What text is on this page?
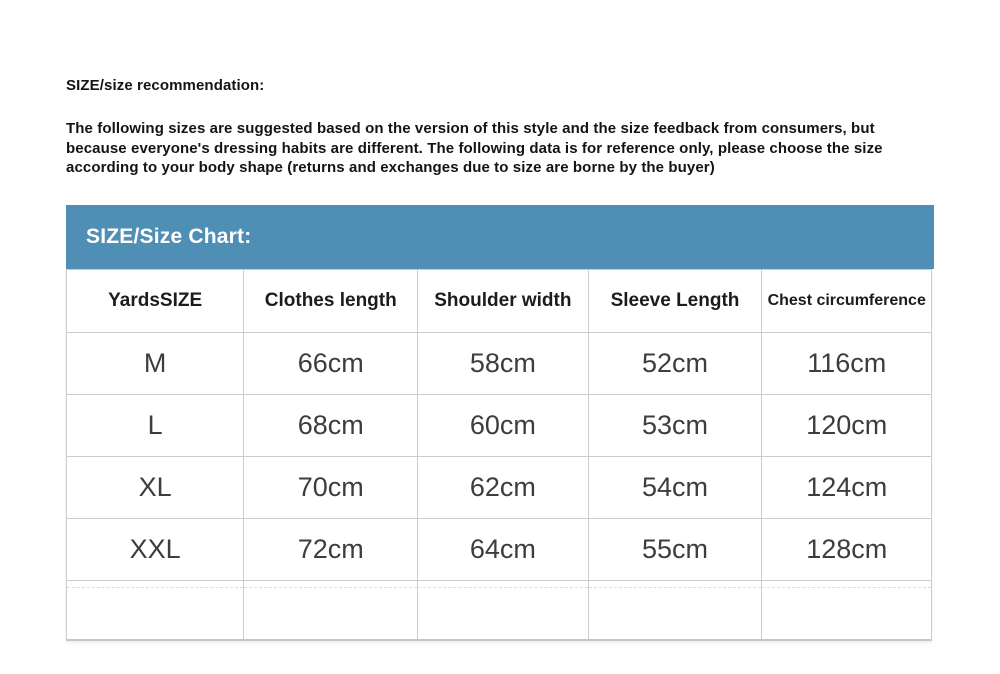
SIZE/size recommendation:
The following sizes are suggested based on the version of this style and the size feedback from consumers, but because everyone's dressing habits are different. The following data is for reference only, please choose the size according to your body shape (returns and exchanges due to size are borne by the buyer)
SIZE/Size Chart:
YardsSIZE	Clothes length	Shoulder width	Sleeve Length	Chest circumference
M	66cm	58cm	52cm	116cm
L	68cm	60cm	53cm	120cm
XL	70cm	62cm	54cm	124cm
XXL	72cm	64cm	55cm	128cm
